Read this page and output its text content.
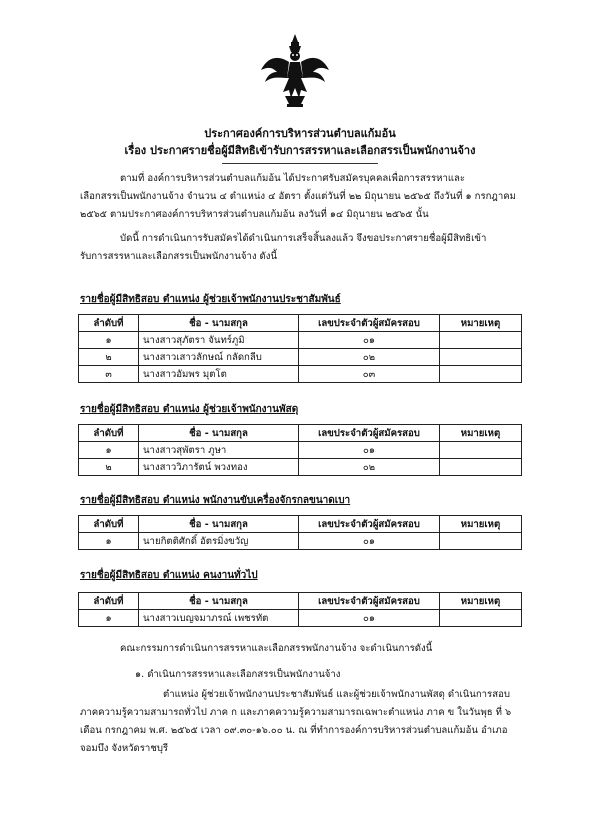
ประกาศองค์การบริหารส่วนตำบลแก้มอ้น
เรื่อง ประกาศรายชื่อผู้มีสิทธิเข้ารับการสรรหาและเลือกสรรเป็นพนักงานจ้าง
ตามที่ องค์การบริหารส่วนตำบลแก้มอ้น ได้ประกาศรับสมัครบุคคลเพื่อการสรรหาและ
เลือกสรรเป็นพนักงานจ้าง จำนวน ๔ ตำแหน่ง ๔ อัตรา ตั้งแต่วันที่ ๒๒ มิถุนายน ๒๕๖๕ ถึงวันที่ ๑ กรกฎาคม
๒๕๖๕ ตามประกาศองค์การบริหารส่วนตำบลแก้มอ้น ลงวันที่ ๑๔ มิถุนายน ๒๕๖๕ นั้น
บัดนี้ การดำเนินการรับสมัครได้ดำเนินการเสร็จสิ้นลงแล้ว จึงขอประกาศรายชื่อผู้มีสิทธิเข้า
รับการสรรหาและเลือกสรรเป็นพนักงานจ้าง ดังนี้
รายชื่อผู้มีสิทธิสอบ ตำแหน่ง ผู้ช่วยเจ้าพนักงานประชาสัมพันธ์
ลำดับที่	ชื่อ - นามสกุล	เลขประจำตัวผู้สมัครสอบ	หมายเหตุ
๑	นางสาวสุภัตรา จันทร์ภูมิ	๐๑	
๒	นางสาวเสาวลักษณ์ กลัดกลีบ	๐๒	
๓	นางสาวอัมพร มุตโต	๐๓	
รายชื่อผู้มีสิทธิสอบ ตำแหน่ง ผู้ช่วยเจ้าพนักงานพัสดุ
ลำดับที่	ชื่อ - นามสกุล	เลขประจำตัวผู้สมัครสอบ	หมายเหตุ
๑	นางสาวสุพัตรา ภูษา	๐๑	
๒	นางสาววิภารัตน์ พวงทอง	๐๒	
รายชื่อผู้มีสิทธิสอบ ตำแหน่ง พนักงานขับเครื่องจักรกลขนาดเบา
ลำดับที่	ชื่อ - นามสกุล	เลขประจำตัวผู้สมัครสอบ	หมายเหตุ
๑	นายกิตติศักดิ์ อัตรมิ่งขวัญ	๐๑	
รายชื่อผู้มีสิทธิสอบ ตำแหน่ง คนงานทั่วไป
ลำดับที่	ชื่อ - นามสกุล	เลขประจำตัวผู้สมัครสอบ	หมายเหตุ
๑	นางสาวเบญจมาภรณ์ เพชรทัต	๐๑	
คณะกรรมการดำเนินการสรรหาและเลือกสรรพนักงานจ้าง จะดำเนินการดังนี้
๑. ดำเนินการสรรหาและเลือกสรรเป็นพนักงานจ้าง
ตำแหน่ง ผู้ช่วยเจ้าพนักงานประชาสัมพันธ์ และผู้ช่วยเจ้าพนักงานพัสดุ ดำเนินการสอบ
ภาคความรู้ความสามารถทั่วไป ภาค ก และภาคความรู้ความสามารถเฉพาะตำแหน่ง ภาค ข ในวันพุธ ที่ ๖
เดือน กรกฎาคม พ.ศ. ๒๕๖๕ เวลา ๐๙.๓๐-๑๖.๐๐ น. ณ ที่ทำการองค์การบริหารส่วนตำบลแก้มอ้น อำเภอ
จอมบึง จังหวัดราชบุรี
